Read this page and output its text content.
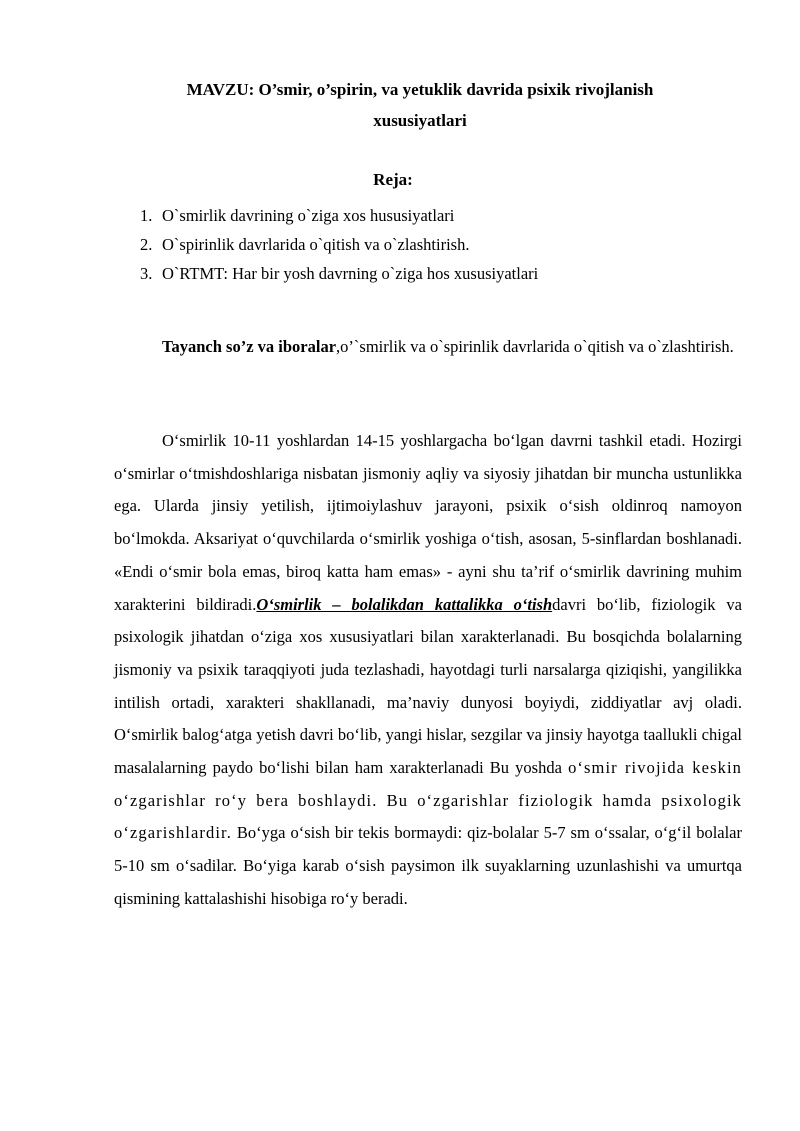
MAVZU: O’smir, o’spirin, va yetuklik davrida psixik rivojlanish xususiyatlari
Reja:
1. O`smirlik davrining o`ziga xos hususiyatlari
2. O`spirinlik davrlarida o`qitish va o`zlashtirish.
3. O`RTMT: Har bir yosh davrning o`ziga hos xususiyatlari
Tayanch so’z va iboralar,o’`smirlik va o`spirinlik davrlarida o`qitish va o`zlashtirish.
O‘smirlik 10-11 yoshlardan 14-15 yoshlargacha bo‘lgan davrni tashkil etadi. Hozirgi o‘smirlar o‘tmishdoshlariga nisbatan jismoniy aqliy va siyosiy jihatdan bir muncha ustunlikka ega. Ularda jinsiy yetilish, ijtimoiylashuv jarayoni, psixik o‘sish oldinroq namoyon bo‘lmokda. Aksariyat o‘quvchilarda o‘smirlik yoshiga o‘tish, asosan, 5-sinflardan boshlanadi. «Endi o‘smir bola emas, biroq katta ham emas» - ayni shu ta’rif o‘smirlik davrining muhim xarakterini bildiradi.O‘smirlik – bolalikdan kattalikka o‘tishdavri bo‘lib, fiziologik va psixologik jihatdan o‘ziga xos xususiyatlari bilan xarakterlanadi. Bu bosqichda bolalarning jismoniy va psixik taraqqiyoti juda tezlashadi, hayotdagi turli narsalarga qiziqishi, yangilikka intilish ortadi, xarakteri shakllanadi, ma’naviy dunyosi boyiydi, ziddiyatlar avj oladi. O‘smirlik balog‘atga yetish davri bo‘lib, yangi hislar, sezgilar va jinsiy hayotga taallukli chigal masalalarning paydo bo‘lishi bilan ham xarakterlanadi Bu yoshda o‘smir rivojida keskin o‘zgarishlar ro‘y bera boshlaydi. Bu o‘zgarishlar fiziologik hamda psixologik o‘zgarishlardir. Bo‘yga o‘sish bir tekis bormaydi: qiz-bolalar 5-7 sm o‘ssalar, o‘g‘il bolalar 5-10 sm o‘sadilar. Bo‘yiga karab o‘sish paysimon ilk suyaklarning uzunlashishi va umurtqa qismining kattalashishi hisobiga ro‘y beradi.
